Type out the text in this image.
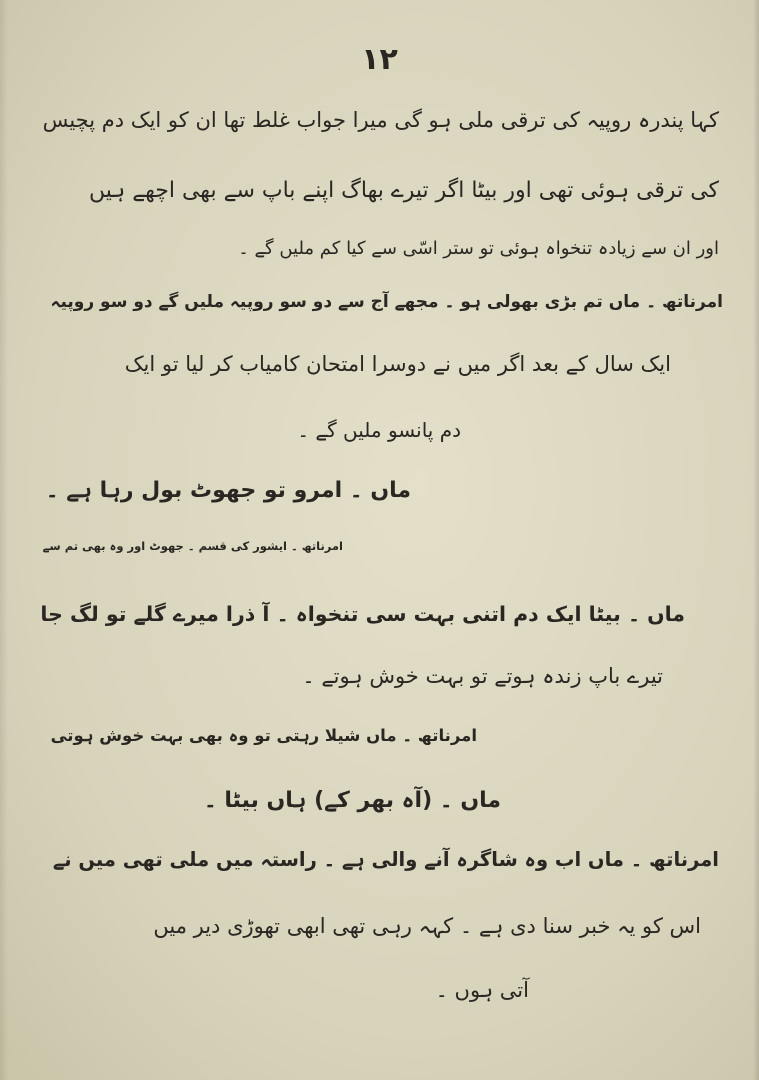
۱۲
کہا پندرہ روپیہ کی ترقی ملی ہو گی میرا جواب غلط تھا ان کو ایک دم پچیس
کی ترقی ہوئی تھی اور بیٹا اگر تیرے بھاگ اپنے باپ سے بھی اچھے ہیں
اور ان سے زیادہ تنخواہ ہوئی تو ستر اسّی سے کیا کم ملیں گے ۔
امرناتھ ۔ ماں تم بڑی بھولی ہو ۔ مجھے آج سے دو سو روپیہ ملیں گے دو سو روپیہ
ایک سال کے بعد اگر میں نے دوسرا امتحان کامیاب کر لیا تو ایک
دم پانسو ملیں گے ۔
ماں ۔ امرو تو جھوٹ بول رہا ہے ۔
امرناتھ ۔ ایشور کی قسم ۔ جھوٹ اور وہ بھی تم سے
ماں ۔ بیٹا ایک دم اتنی بہت سی تنخواہ ۔ آ ذرا میرے گلے تو لگ جا
تیرے باپ زندہ ہوتے تو بہت خوش ہوتے ۔
امرناتھ ۔ ماں شیلا رہتی تو وہ بھی بہت خوش ہوتی
ماں ۔ (آہ بھر کے) ہاں بیٹا ۔
امرناتھ ۔ ماں اب وہ شاگرہ آنے والی ہے ۔ راستہ میں ملی تھی میں نے
اس کو یہ خبر سنا دی ہے ۔ کہہ رہی تھی ابھی تھوڑی دیر میں
آتی ہوں ۔
